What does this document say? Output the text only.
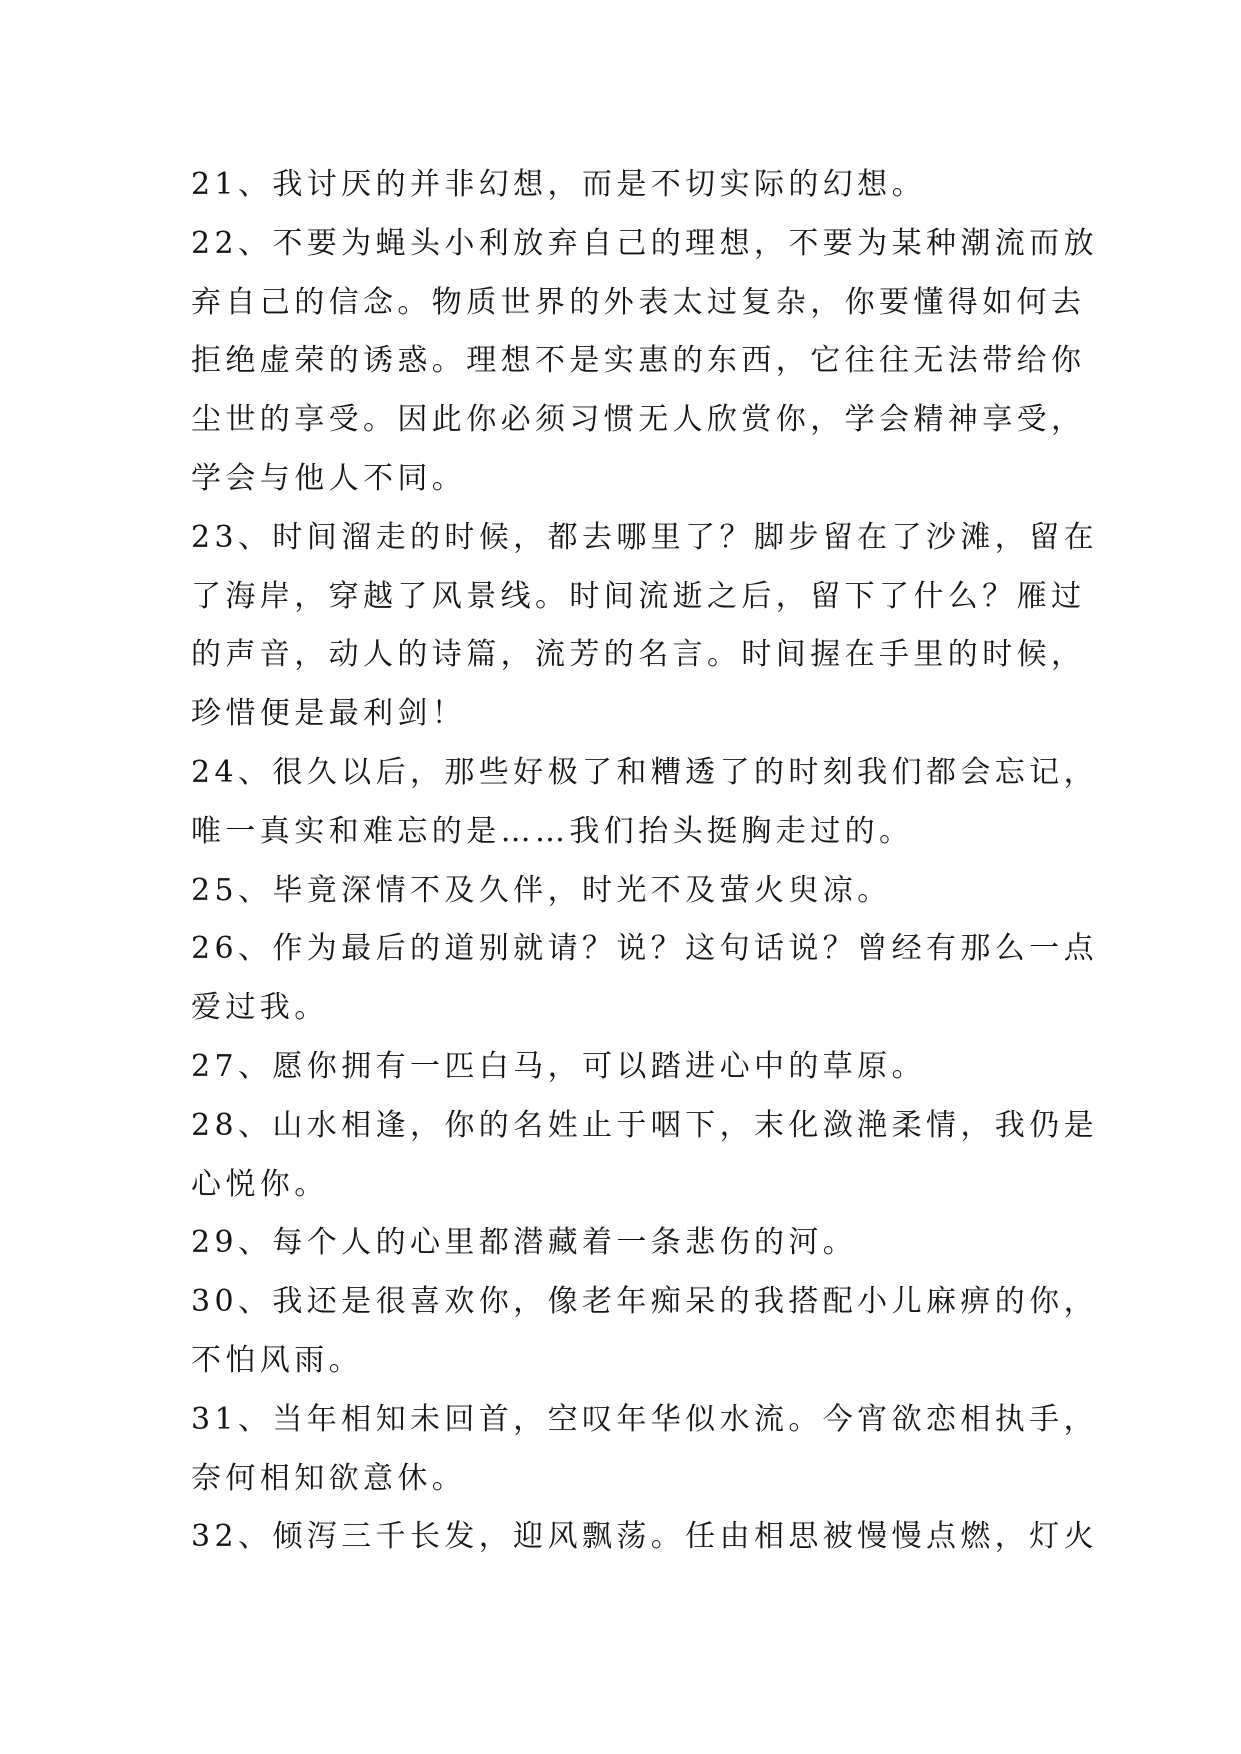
21、我讨厌的并非幻想，而是不切实际的幻想。
22、不要为蝇头小利放弃自己的理想，不要为某种潮流而放
弃自己的信念。物质世界的外表太过复杂，你要懂得如何去
拒绝虚荣的诱惑。理想不是实惠的东西，它往往无法带给你
尘世的享受。因此你必须习惯无人欣赏你，学会精神享受，
学会与他人不同。
23、时间溜走的时候，都去哪里了？脚步留在了沙滩，留在
了海岸，穿越了风景线。时间流逝之后，留下了什么？雁过
的声音，动人的诗篇，流芳的名言。时间握在手里的时候，
珍惜便是最利剑！
24、很久以后，那些好极了和糟透了的时刻我们都会忘记，
唯一真实和难忘的是……我们抬头挺胸走过的。
25、毕竟深情不及久伴，时光不及萤火臾凉。
26、作为最后的道别就请？说？这句话说？曾经有那么一点
爱过我。
27、愿你拥有一匹白马，可以踏进心中的草原。
28、山水相逢，你的名姓止于咽下，末化潋滟柔情，我仍是
心悦你。
29、每个人的心里都潜藏着一条悲伤的河。
30、我还是很喜欢你，像老年痴呆的我搭配小儿麻痹的你，
不怕风雨。
31、当年相知未回首，空叹年华似水流。今宵欲恋相执手，
奈何相知欲意休。
32、倾泻三千长发，迎风飘荡。任由相思被慢慢点燃，灯火
